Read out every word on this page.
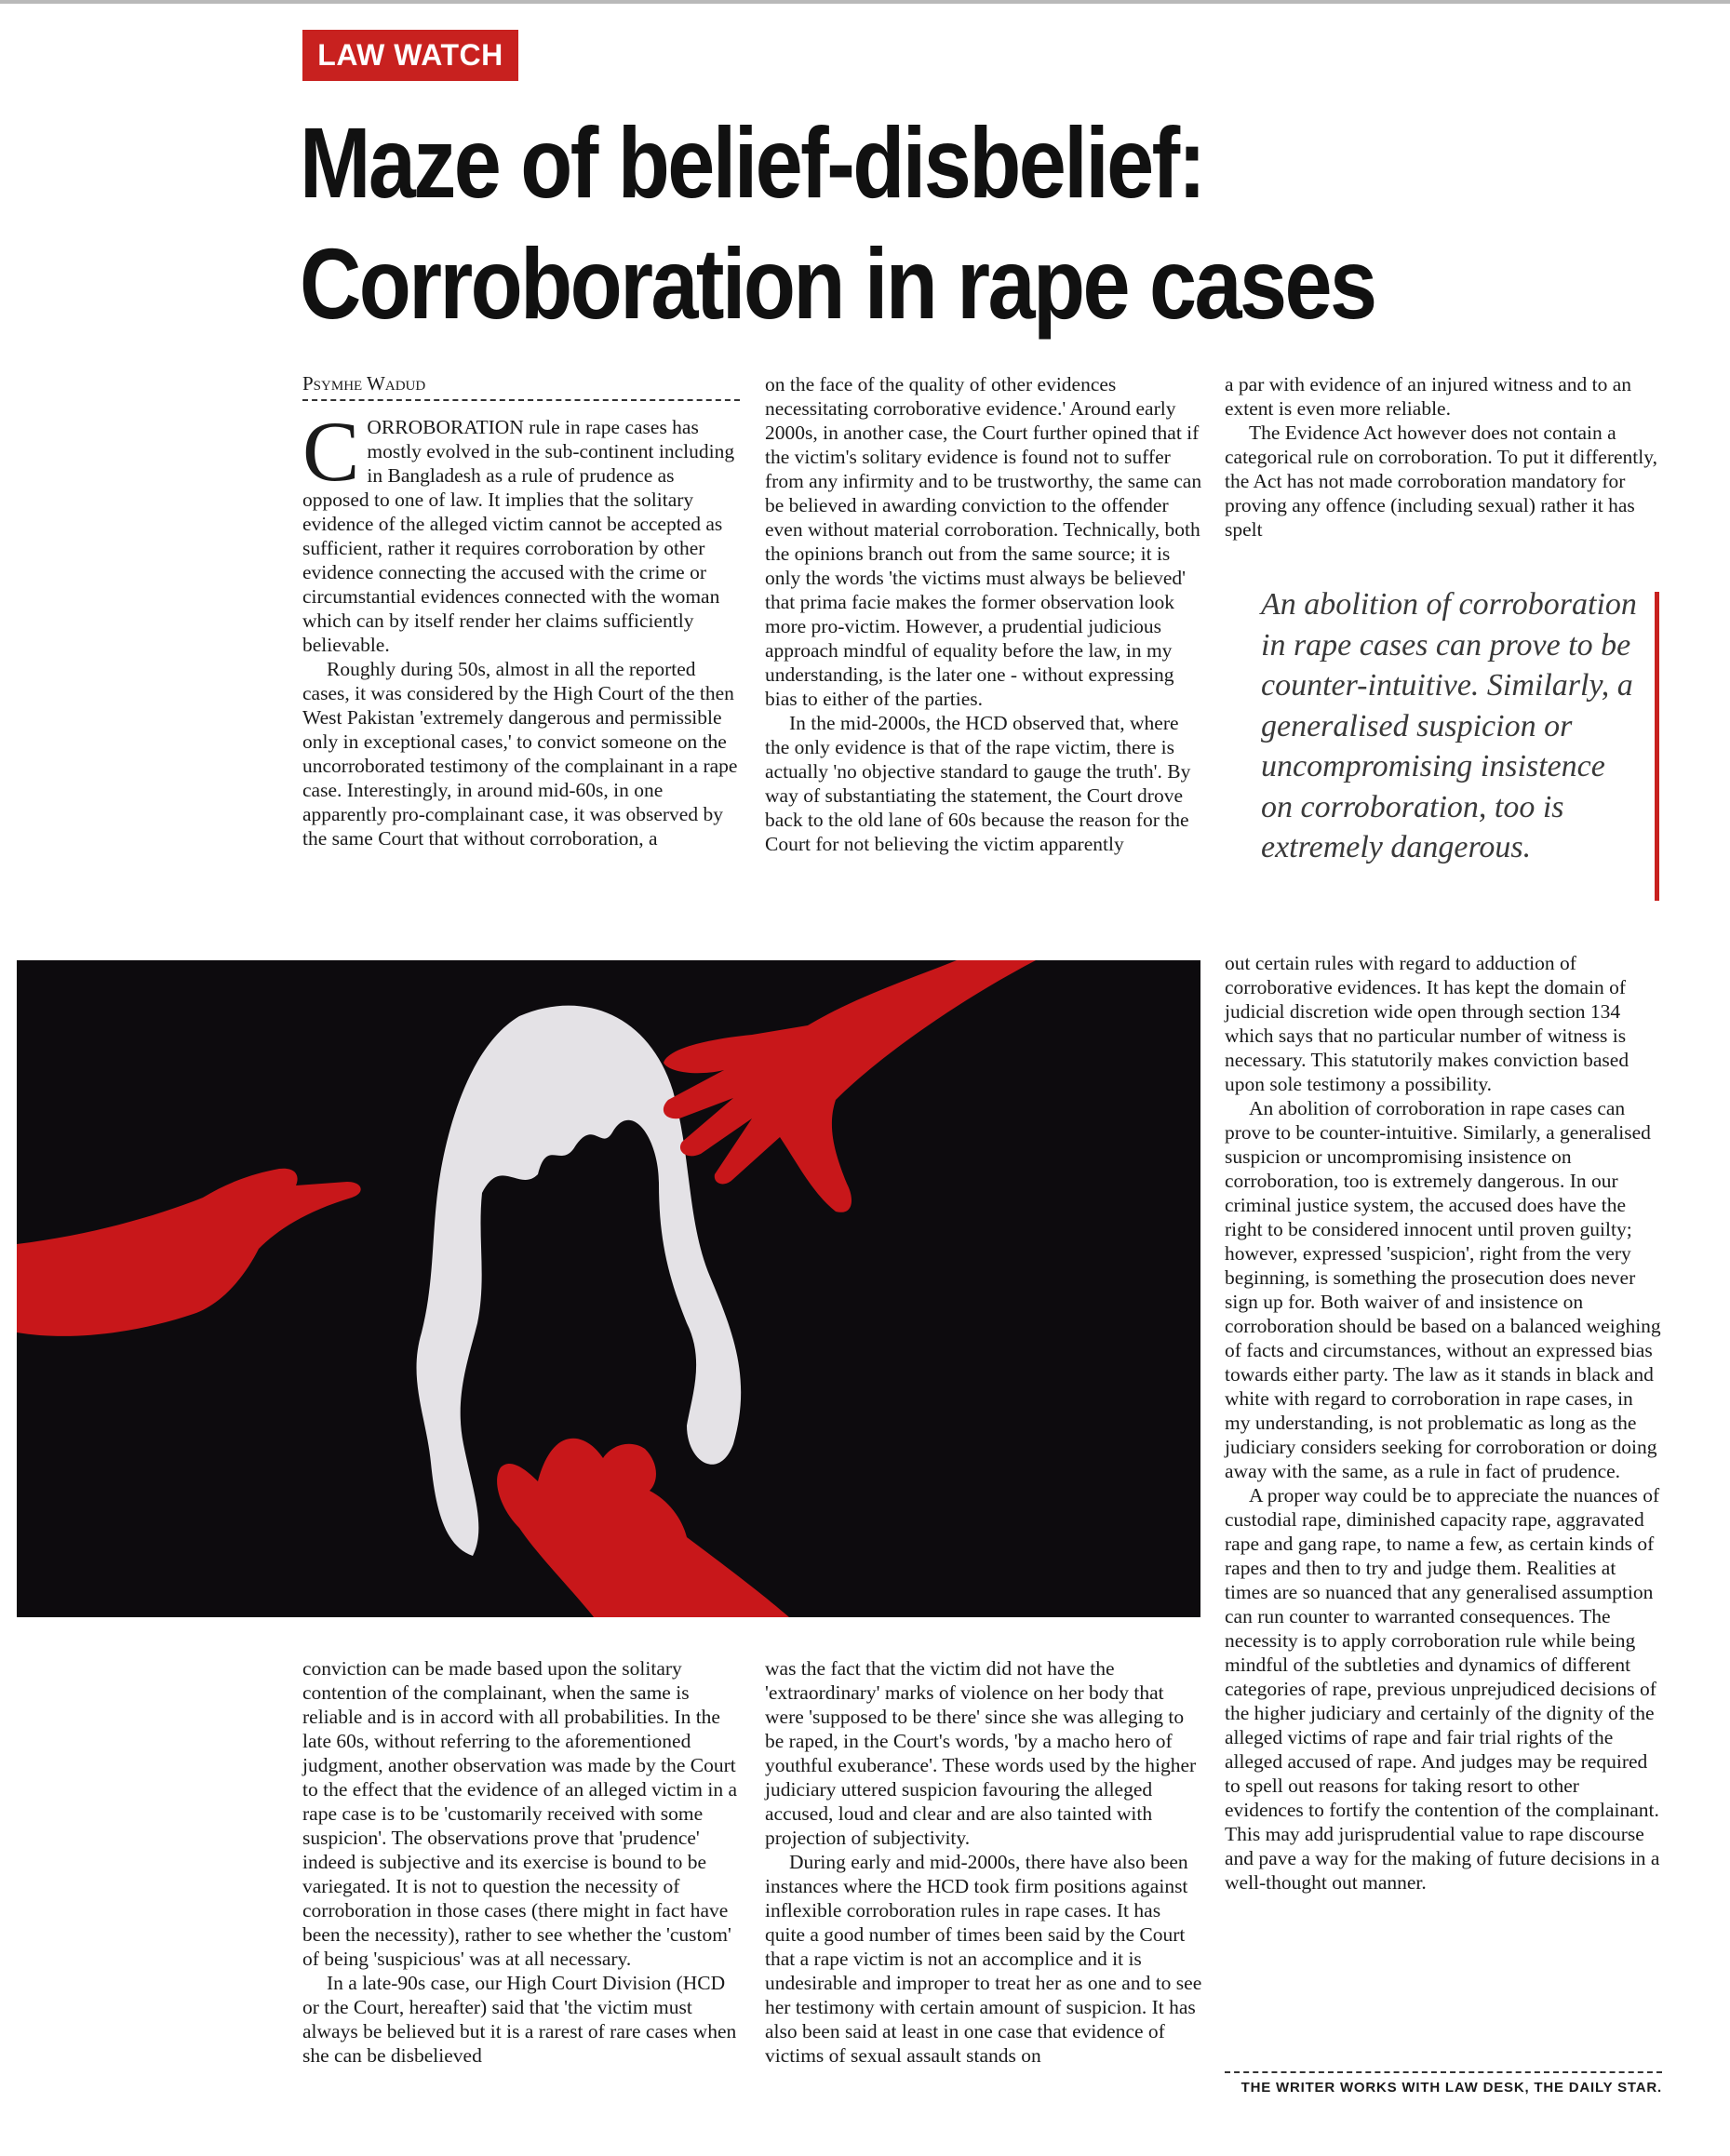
LAW WATCH
Maze of belief-disbelief: Corroboration in rape cases
Psymhe Wadud

CORROBORATION rule in rape cases has mostly evolved in the sub-continent including in Bangladesh as a rule of prudence as opposed to one of law. It implies that the solitary evidence of the alleged victim cannot be accepted as sufficient, rather it requires corroboration by other evidence connecting the accused with the crime or circumstantial evidences connected with the woman which can by itself render her claims sufficiently believable.

Roughly during 50s, almost in all the reported cases, it was considered by the High Court of the then West Pakistan 'extremely dangerous and permissible only in exceptional cases,' to convict someone on the uncorroborated testimony of the complainant in a rape case. Interestingly, in around mid-60s, in one apparently pro-complainant case, it was observed by the same Court that without corroboration, a

on the face of the quality of other evidences necessitating corroborative evidence.' Around early 2000s, in another case, the Court further opined that if the victim's solitary evidence is found not to suffer from any infirmity and to be trustworthy, the same can be believed in awarding conviction to the offender even without material corroboration. Technically, both the opinions branch out from the same source; it is only the words 'the victims must always be believed' that prima facie makes the former observation look more pro-victim. However, a prudential judicious approach mindful of equality before the law, in my understanding, is the later one - without expressing bias to either of the parties.

In the mid-2000s, the HCD observed that, where the only evidence is that of the rape victim, there is actually 'no objective standard to gauge the truth'. By way of substantiating the statement, the Court drove back to the old lane of 60s because the reason for the Court for not believing the victim apparently

a par with evidence of an injured witness and to an extent is even more reliable.

The Evidence Act however does not contain a categorical rule on corroboration. To put it differently, the Act has not made corroboration mandatory for proving any offence (including sexual) rather it has spelt

An abolition of corroboration in rape cases can prove to be counter-intuitive. Similarly, a generalised suspicion or uncompromising insistence on corroboration, too is extremely dangerous.

out certain rules with regard to adduction of corroborative evidences. It has kept the domain of judicial discretion wide open through section 134 which says that no particular number of witness is necessary. This statutorily makes conviction based upon sole testimony a possibility.

An abolition of corroboration in rape cases can prove to be counter-intuitive. Similarly, a generalised suspicion or uncompromising insistence on corroboration, too is extremely dangerous. In our criminal justice system, the accused does have the right to be considered innocent until proven guilty; however, expressed 'suspicion', right from the very beginning, is something the prosecution does never sign up for. Both waiver of and insistence on corroboration should be based on a balanced weighing of facts and circumstances, without an expressed bias towards either party. The law as it stands in black and white with regard to corroboration in rape cases, in my understanding, is not problematic as long as the judiciary considers seeking for corroboration or doing away with the same, as a rule in fact of prudence.

A proper way could be to appreciate the nuances of custodial rape, diminished capacity rape, aggravated rape and gang rape, to name a few, as certain kinds of rapes and then to try and judge them. Realities at times are so nuanced that any generalised assumption can run counter to warranted consequences. The necessity is to apply corroboration rule while being mindful of the subtleties and dynamics of different categories of rape, previous unprejudiced decisions of the higher judiciary and certainly of the dignity of the alleged victims of rape and fair trial rights of the alleged accused of rape. And judges may be required to spell out reasons for taking resort to other evidences to fortify the contention of the complainant. This may add jurisprudential value to rape discourse and pave a way for the making of future decisions in a well-thought out manner.

conviction can be made based upon the solitary contention of the complainant, when the same is reliable and is in accord with all probabilities. In the late 60s, without referring to the aforementioned judgment, another observation was made by the Court to the effect that the evidence of an alleged victim in a rape case is to be 'customarily received with some suspicion'. The observations prove that 'prudence' indeed is subjective and its exercise is bound to be variegated. It is not to question the necessity of corroboration in those cases (there might in fact have been the necessity), rather to see whether the 'custom' of being 'suspicious' was at all necessary.

In a late-90s case, our High Court Division (HCD or the Court, hereafter) said that 'the victim must always be believed but it is a rarest of rare cases when she can be disbelieved

was the fact that the victim did not have the 'extraordinary' marks of violence on her body that were 'supposed to be there' since she was alleging to be raped, in the Court's words, 'by a macho hero of youthful exuberance'. These words used by the higher judiciary uttered suspicion favouring the alleged accused, loud and clear and are also tainted with projection of subjectivity.

During early and mid-2000s, there have also been instances where the HCD took firm positions against inflexible corroboration rules in rape cases. It has quite a good number of times been said by the Court that a rape victim is not an accomplice and it is undesirable and improper to treat her as one and to see her testimony with certain amount of suspicion. It has also been said at least in one case that evidence of victims of sexual assault stands on

THE WRITER WORKS WITH LAW DESK, THE DAILY STAR.
